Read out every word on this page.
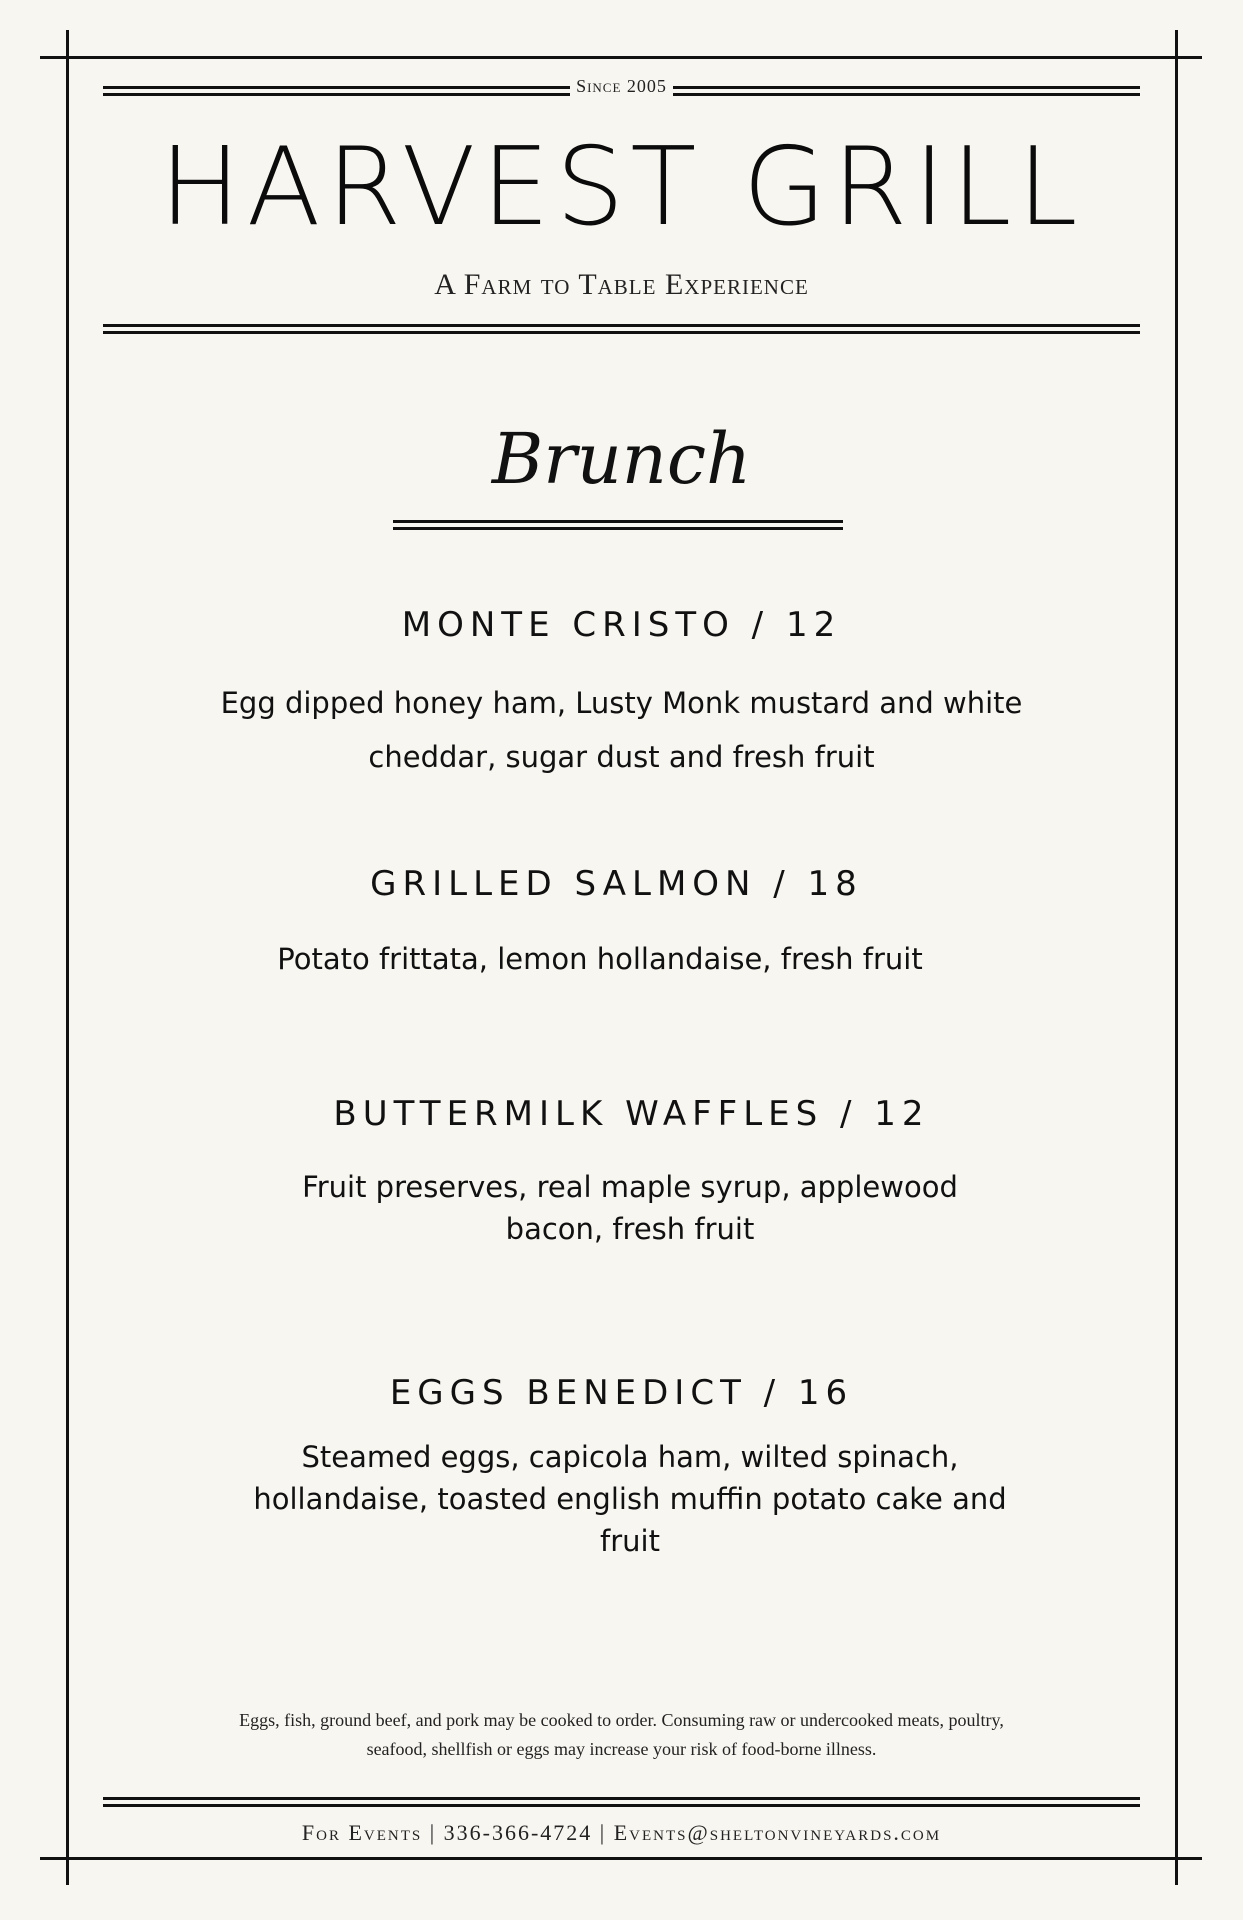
Since 2005
HARVEST GRILL
A Farm to Table Experience
Brunch
MONTE CRISTO / 12
Egg dipped honey ham, Lusty Monk mustard and white cheddar, sugar dust and fresh fruit
GRILLED SALMON / 18
Potato frittata, lemon hollandaise, fresh fruit
BUTTERMILK WAFFLES / 12
Fruit preserves, real maple syrup, applewood bacon, fresh fruit
EGGS BENEDICT / 16
Steamed eggs, capicola ham, wilted spinach, hollandaise, toasted english muffin potato cake and fruit
Eggs, fish, ground beef, and pork may be cooked to order. Consuming raw or undercooked meats, poultry, seafood, shellfish or eggs may increase your risk of food-borne illness.
For Events | 336-366-4724 | Events@sheltonvineyards.com
